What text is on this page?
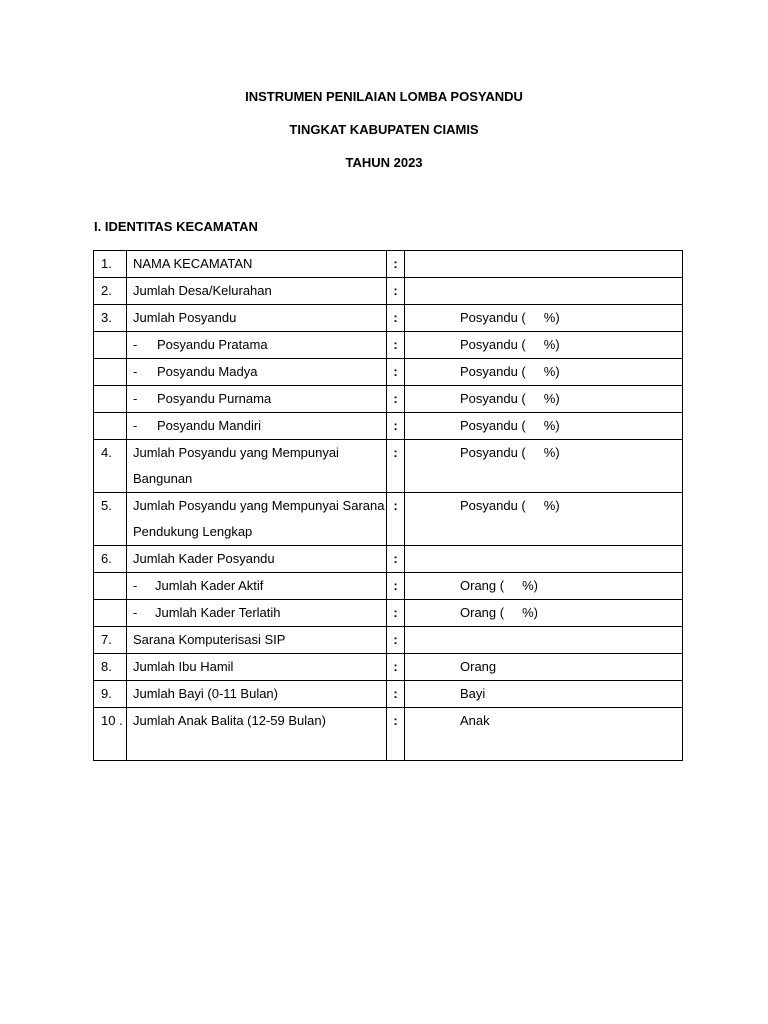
INSTRUMEN PENILAIAN LOMBA POSYANDU
TINGKAT KABUPATEN CIAMIS
TAHUN 2023
I. IDENTITAS KECAMATAN
1.	NAMA KECAMATAN	:	
2.	Jumlah Desa/Kelurahan	:	
3.	Jumlah Posyandu	:	Posyandu ( %)
	- Posyandu Pratama	:	Posyandu ( %)
	- Posyandu Madya	:	Posyandu ( %)
	- Posyandu Purnama	:	Posyandu ( %)
	- Posyandu Mandiri	:	Posyandu ( %)
4.	Jumlah Posyandu yang Mempunyai Bangunan	:	Posyandu ( %)
5.	Jumlah Posyandu yang Mempunyai Sarana Pendukung Lengkap	:	Posyandu ( %)
6.	Jumlah Kader Posyandu	:	
	- Jumlah Kader Aktif	:	Orang ( %)
	- Jumlah Kader Terlatih	:	Orang ( %)
7.	Sarana Komputerisasi SIP	:	
8.	Jumlah Ibu Hamil	:	Orang
9.	Jumlah Bayi (0-11 Bulan)	:	Bayi
10 .	Jumlah Anak Balita (12-59 Bulan)	:	Anak
